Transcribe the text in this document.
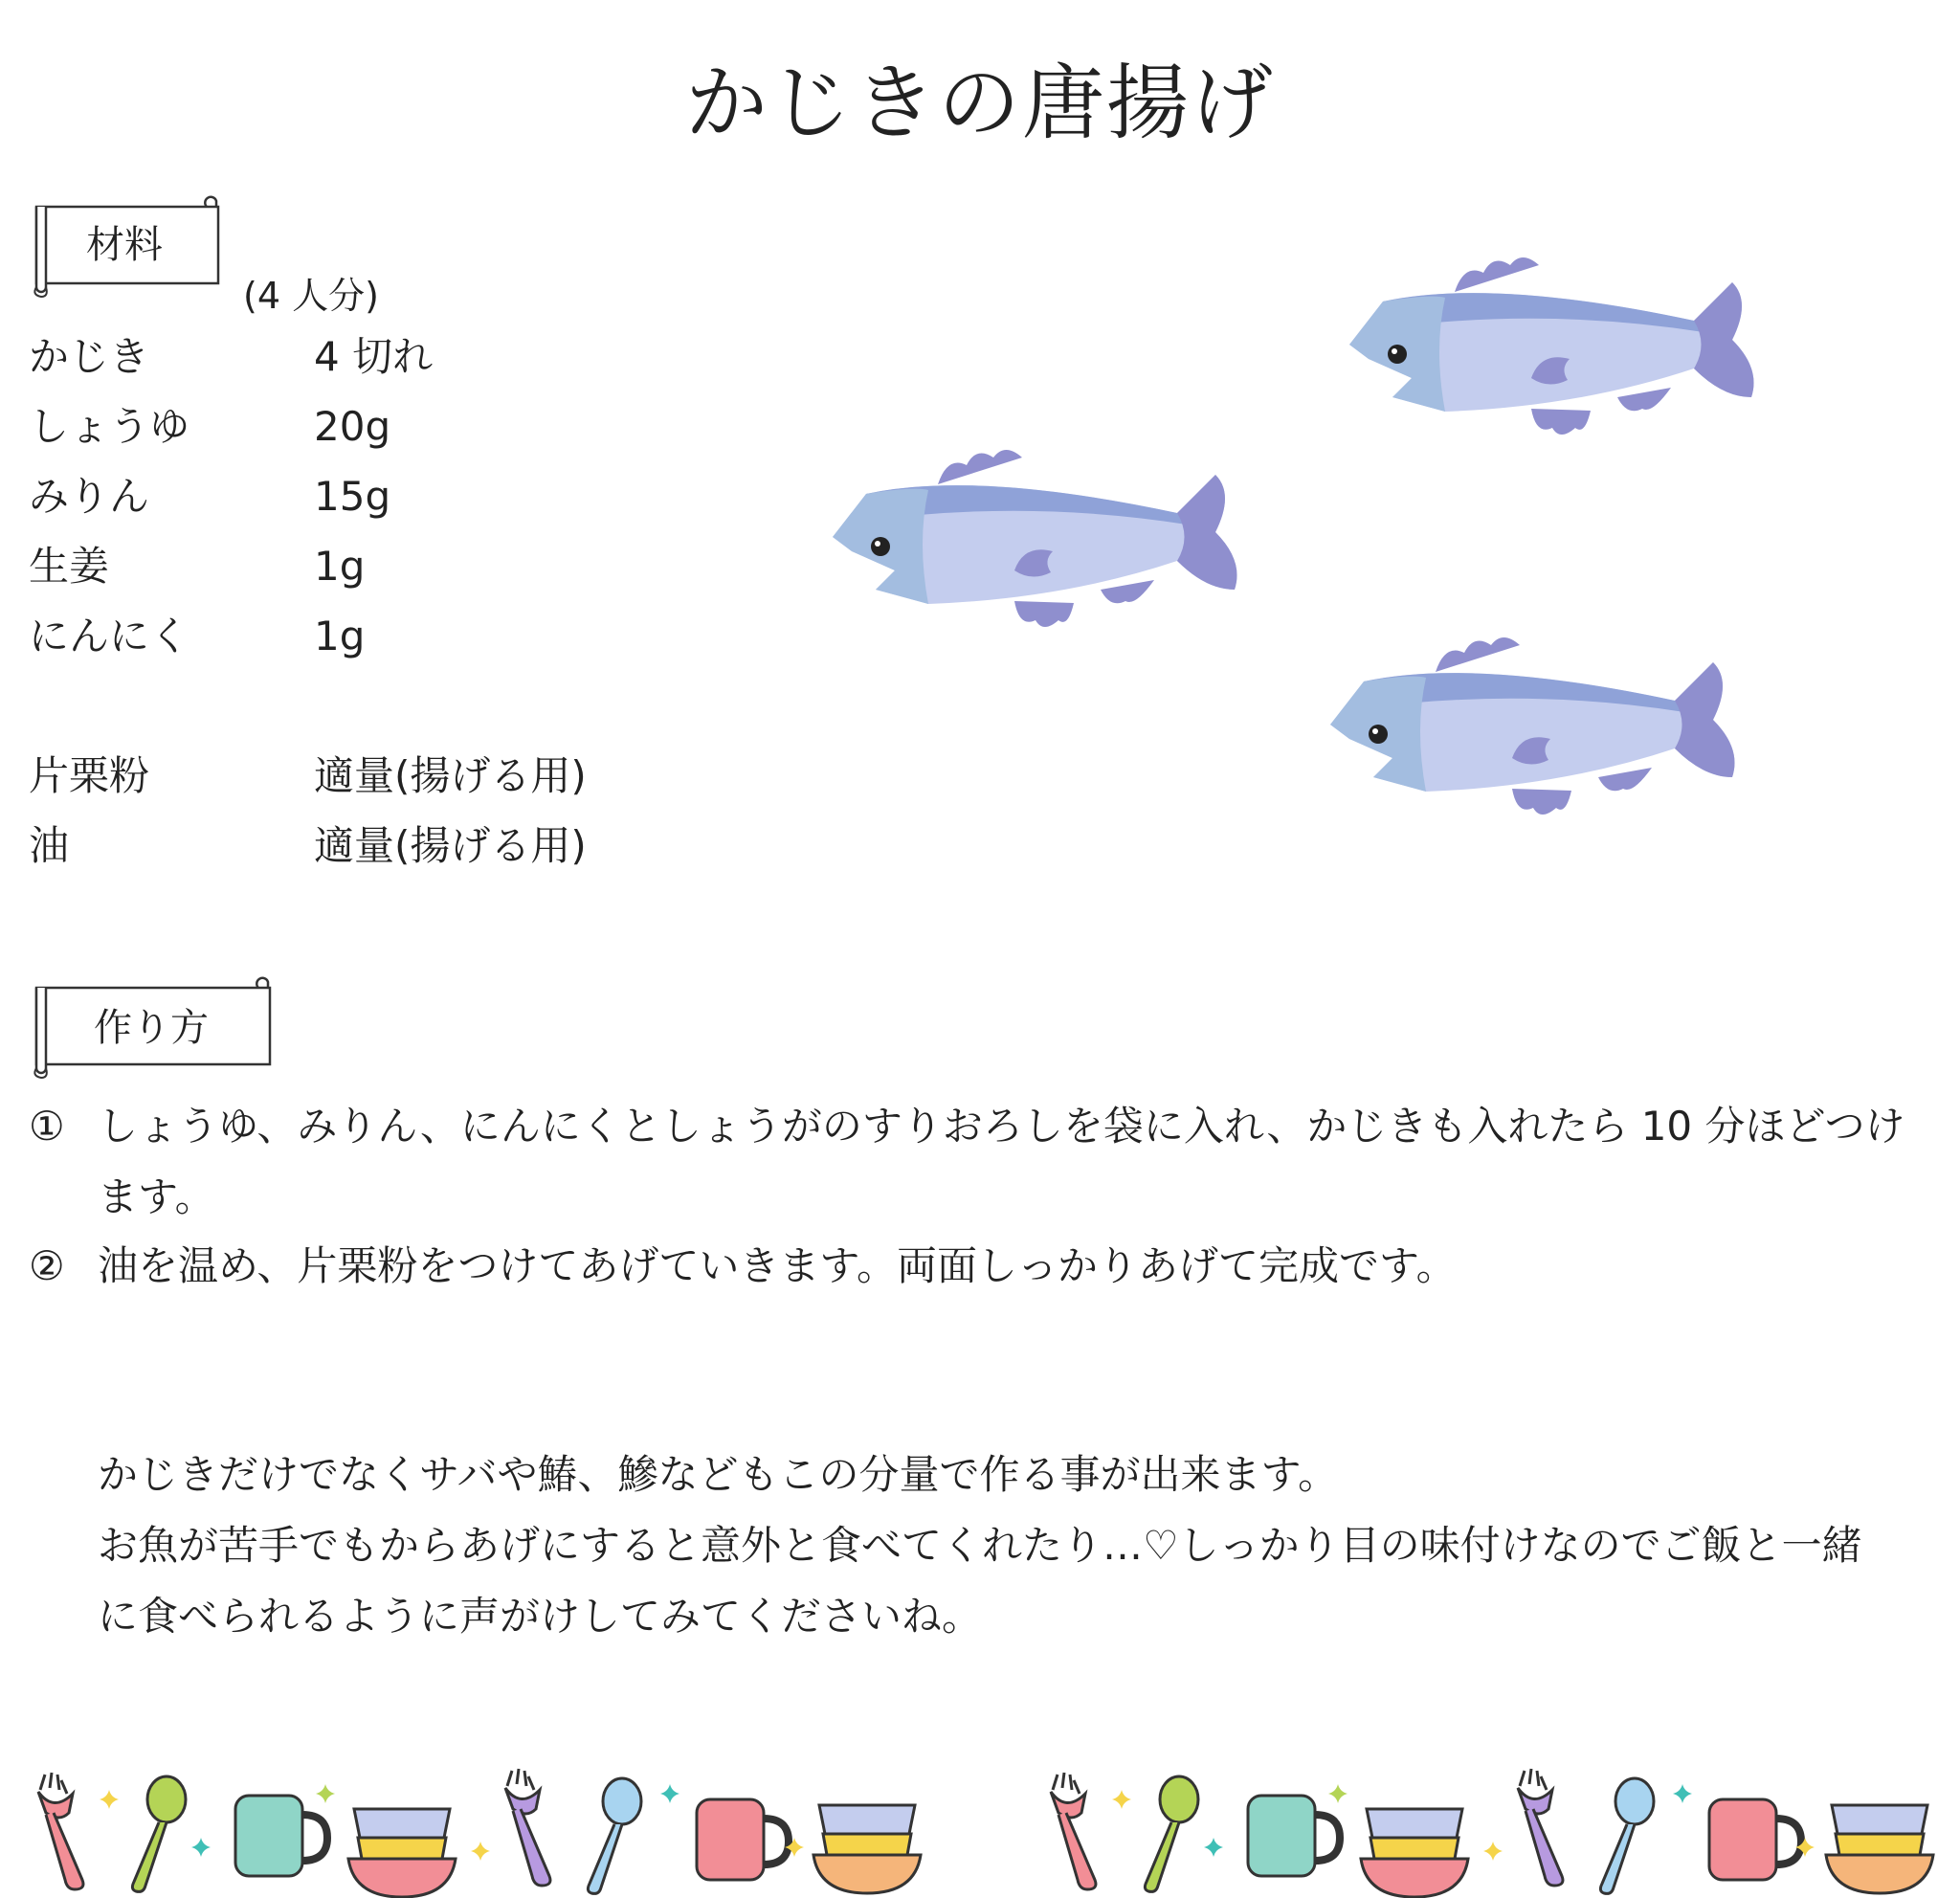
かじきの唐揚げ
材料
(4 人分)
かじき	4 切れ
しょうゆ	20g
みりん	15g
生姜	1g
にんにく	1g
片栗粉	適量(揚げる用)
油	適量(揚げる用)
作り方
① しょうゆ、みりん、にんにくとしょうがのすりおろしを袋に入れ、かじきも入れたら 10 分ほどつけます。
② 油を温め、片栗粉をつけてあげていきます。両面しっかりあげて完成です。
かじきだけでなくサバや鰆、鰺などもこの分量で作る事が出来ます。
お魚が苦手でもからあげにすると意外と食べてくれたり…♡しっかり目の味付けなのでご飯と一緒
に食べられるように声がけしてみてくださいね。
